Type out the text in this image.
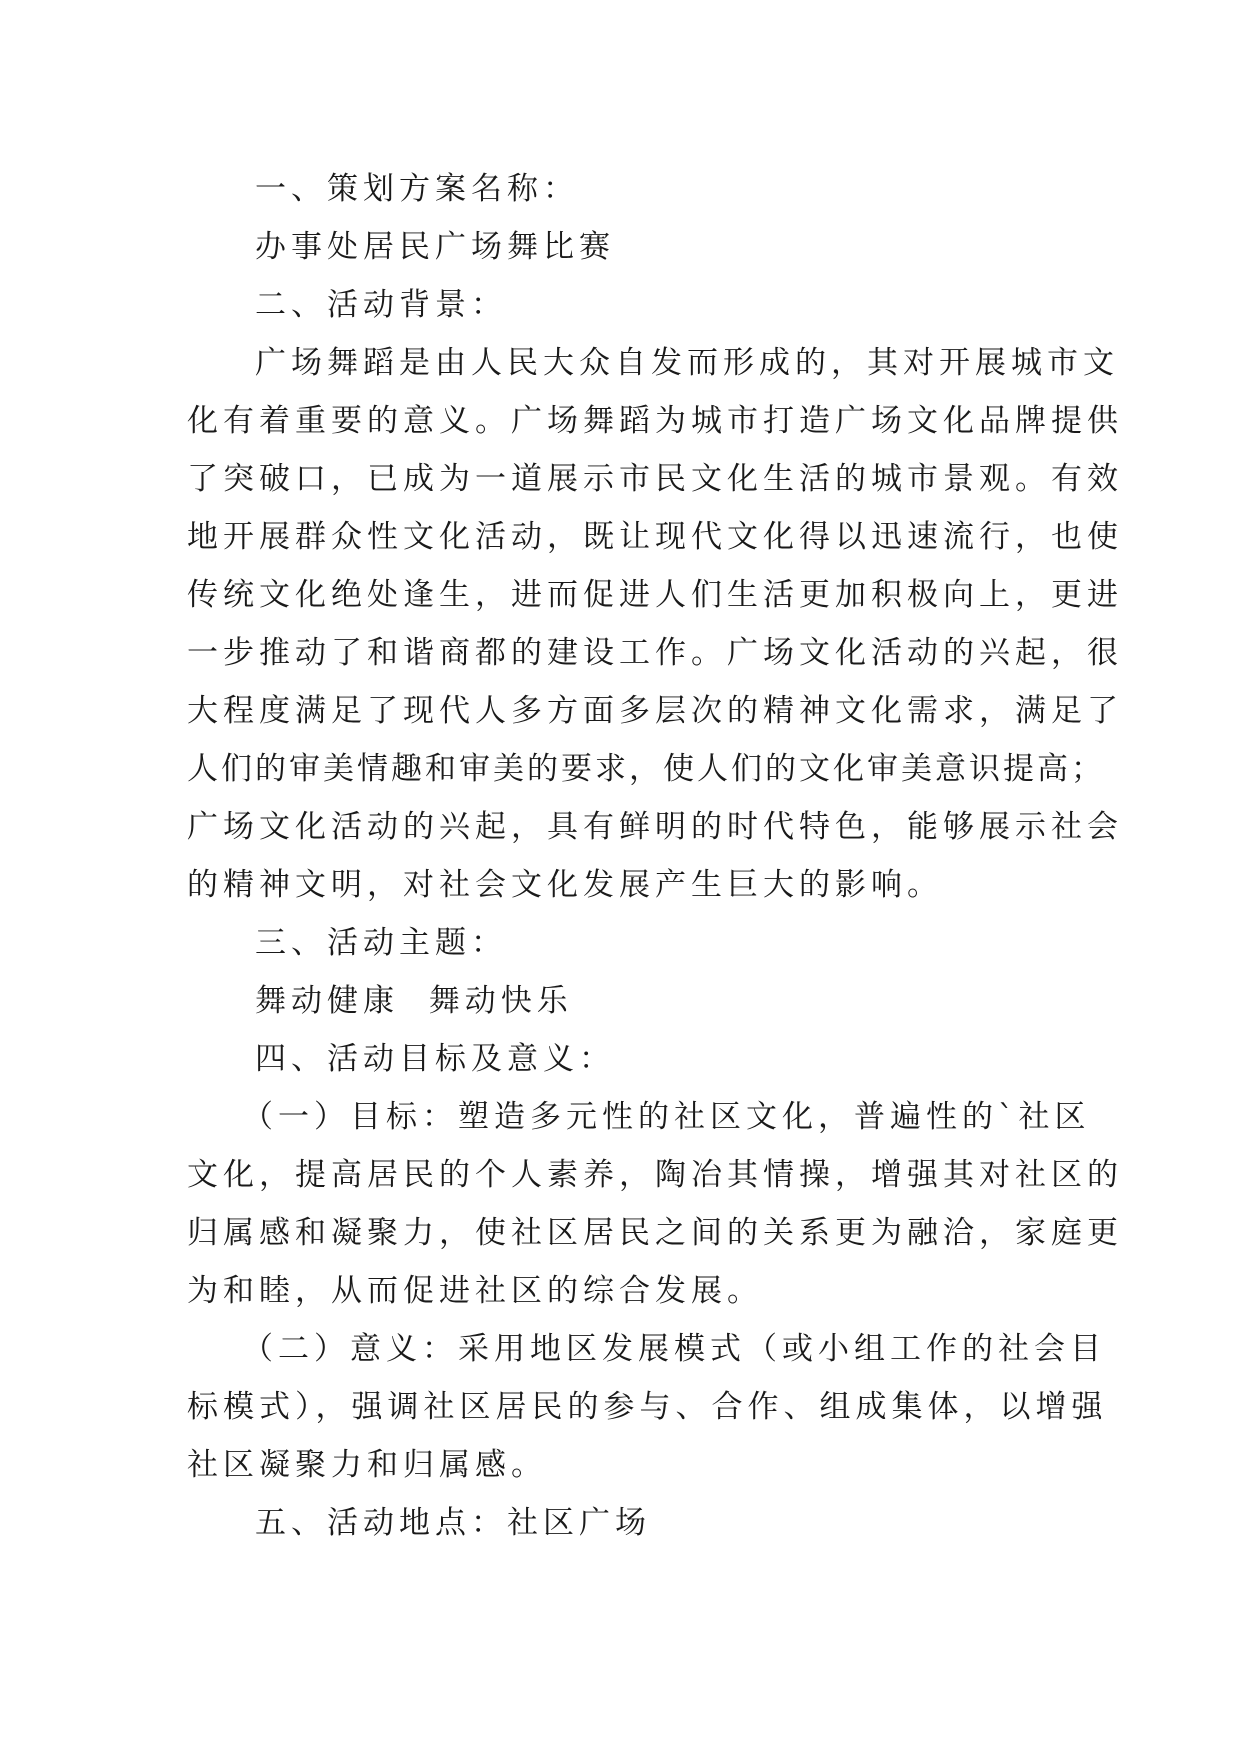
一、策划方案名称：
办事处居民广场舞比赛
二、活动背景：
广场舞蹈是由人民大众自发而形成的，其对开展城市文
化有着重要的意义。广场舞蹈为城市打造广场文化品牌提供
了突破口，已成为一道展示市民文化生活的城市景观。有效
地开展群众性文化活动，既让现代文化得以迅速流行，也使
传统文化绝处逢生，进而促进人们生活更加积极向上，更进
一步推动了和谐商都的建设工作。广场文化活动的兴起，很
大程度满足了现代人多方面多层次的精神文化需求，满足了
人们的审美情趣和审美的要求，使人们的文化审美意识提高；
广场文化活动的兴起，具有鲜明的时代特色，能够展示社会
的精神文明，对社会文化发展产生巨大的影响。
三、活动主题：
舞动健康  舞动快乐
四、活动目标及意义：
（一）目标：塑造多元性的社区文化，普遍性的`社区
文化，提高居民的个人素养，陶冶其情操，增强其对社区的
归属感和凝聚力，使社区居民之间的关系更为融洽，家庭更
为和睦，从而促进社区的综合发展。
（二）意义：采用地区发展模式（或小组工作的社会目
标模式），强调社区居民的参与、合作、组成集体，以增强
社区凝聚力和归属感。
五、活动地点：社区广场
